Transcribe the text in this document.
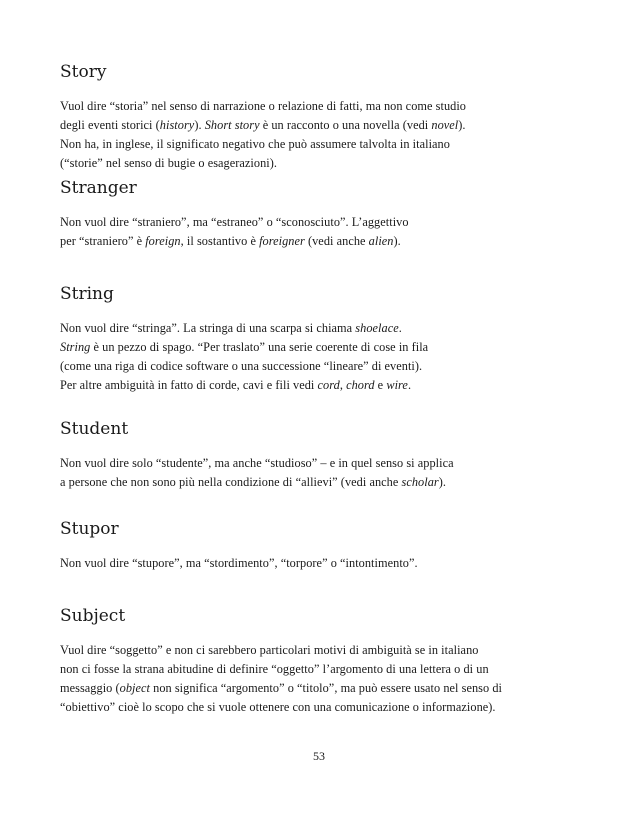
Story

Vuol dire “storia” nel senso di narrazione o relazione di fatti, ma non come studio
degli eventi storici (history). Short story è un racconto o una novella (vedi novel).
Non ha, in inglese, il significato negativo che può assumere talvolta in italiano
(“storie” nel senso di bugie o esagerazioni).

Stranger

Non vuol dire “straniero”, ma “estraneo” o “sconosciuto”. L’aggettivo
per “straniero” è foreign, il sostantivo è foreigner (vedi anche alien).

String

Non vuol dire “stringa”. La stringa di una scarpa si chiama shoelace.
String è un pezzo di spago. “Per traslato” una serie coerente di cose in fila
(come una riga di codice software o una successione “lineare” di eventi).
Per altre ambiguità in fatto di corde, cavi e fili vedi cord, chord e wire.

Student

Non vuol dire solo “studente”, ma anche “studioso” – e in quel senso si applica
a persone che non sono più nella condizione di “allievi” (vedi anche scholar).

Stupor

Non vuol dire “stupore”, ma “stordimento”, “torpore” o “intontimento”.

Subject

Vuol dire “soggetto” e non ci sarebbero particolari motivi di ambiguità se in italiano
non ci fosse la strana abitudine di definire “oggetto” l’argomento di una lettera o di un
messaggio (object non significa “argomento” o “titolo”, ma può essere usato nel senso di
“obiettivo” cioè lo scopo che si vuole ottenere con una comunicazione o informazione).

53
